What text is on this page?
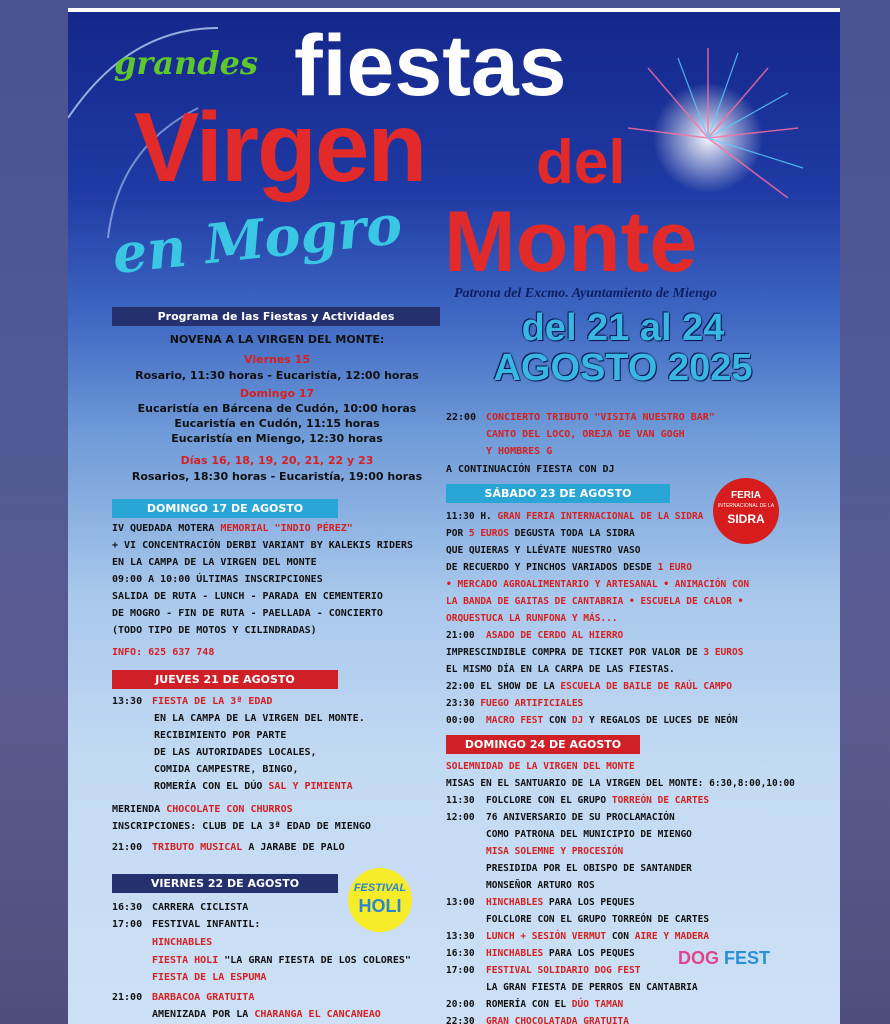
grandes fiestas
Virgen del
en Mogro Monte
Patrona del Excmo. Ayuntamiento de Miengo
del 21 al 24
AGOSTO 2025
Programa de las Fiestas y Actividades
NOVENA A LA VIRGEN DEL MONTE:
Viernes 15
Rosario, 11:30 horas - Eucaristía, 12:00 horas
Domingo 17
Eucaristía en Bárcena de Cudón, 10:00 horas
Eucaristía en Cudón, 11:15 horas
Eucaristía en Miengo, 12:30 horas
Días 16, 18, 19, 20, 21, 22 y 23
Rosarios, 18:30 horas - Eucaristía, 19:00 horas
DOMINGO 17 DE AGOSTO
IV QUEDADA MOTERA MEMORIAL "INDIO PÉREZ"
+ VI CONCENTRACIÓN DERBI VARIANT BY KALEKIS RIDERS
EN LA CAMPA DE LA VIRGEN DEL MONTE
09:00 A 10:00 ÚLTIMAS INSCRIPCIONES
SALIDA DE RUTA - LUNCH - PARADA EN CEMENTERIO
DE MOGRO - FIN DE RUTA - PAELLADA - CONCIERTO
(TODO TIPO DE MOTOS Y CILINDRADAS)
INFO: 625 637 748
JUEVES 21 DE AGOSTO
13:30 FIESTA DE LA 3ª EDAD
EN LA CAMPA DE LA VIRGEN DEL MONTE.
RECIBIMIENTO POR PARTE
DE LAS AUTORIDADES LOCALES,
COMIDA CAMPESTRE, BINGO,
ROMERÍA CON EL DÚO SAL Y PIMIENTA
MERIENDA CHOCOLATE CON CHURROS
INSCRIPCIONES: CLUB DE LA 3ª EDAD DE MIENGO
21:00 TRIBUTO MUSICAL A JARABE DE PALO
VIERNES 22 DE AGOSTO	FESTIVAL
HOLI
16:30 CARRERA CICLISTA
17:00 FESTIVAL INFANTIL:
HINCHABLES
FIESTA HOLI "LA GRAN FIESTA DE LOS COLORES"
FIESTA DE LA ESPUMA
21:00 BARBACOA GRATUITA
AMENIZADA POR LA CHARANGA EL CANCANEAO
22:00 CONCIERTO TRIBUTO "VISITA NUESTRO BAR"
CANTO DEL LOCO, OREJA DE VAN GOGH
Y HOMBRES G
A CONTINUACIÓN FIESTA CON DJ
SÁBADO 23 DE AGOSTO	FERIA
INTERNACIONAL DE LA
SIDRA
11:30 H. GRAN FERIA INTERNACIONAL DE LA SIDRA
POR 5 EUROS DEGUSTA TODA LA SIDRA
QUE QUIERAS Y LLÉVATE NUESTRO VASO
DE RECUERDO Y PINCHOS VARIADOS DESDE 1 EURO
• MERCADO AGROALIMENTARIO Y ARTESANAL • ANIMACIÓN CON
LA BANDA DE GAITAS DE CANTABRIA • ESCUELA DE CALOR •
ORQUESTUCA LA RUNFONA Y MÁS...
21:00 ASADO DE CERDO AL HIERRO
IMPRESCINDIBLE COMPRA DE TICKET POR VALOR DE 3 EUROS
EL MISMO DÍA EN LA CARPA DE LAS FIESTAS.
22:00 EL SHOW DE LA ESCUELA DE BAILE DE RAÚL CAMPO
23:30 FUEGO ARTIFICIALES
00:00 MACRO FEST CON DJ Y REGALOS DE LUCES DE NEÓN
DOMINGO 24 DE AGOSTO
SOLEMNIDAD DE LA VIRGEN DEL MONTE
MISAS EN EL SANTUARIO DE LA VIRGEN DEL MONTE: 6:30,8:00,10:00
11:30 FOLCLORE CON EL GRUPO TORREÓN DE CARTES
12:00 76 ANIVERSARIO DE SU PROCLAMACIÓN
COMO PATRONA DEL MUNICIPIO DE MIENGO
MISA SOLEMNE Y PROCESIÓN
PRESIDIDA POR EL OBISPO DE SANTANDER
MONSEÑOR ARTURO ROS
13:00 HINCHABLES PARA LOS PEQUES
FOLCLORE CON EL GRUPO TORREÓN DE CARTES
13:30 LUNCH + SESIÓN VERMUT CON AIRE Y MADERA
16:30 HINCHABLES PARA LOS PEQUES
17:00 FESTIVAL SOLIDARIO DOG FEST
DOG FEST
LA GRAN FIESTA DE PERROS EN CANTABRIA
20:00 ROMERÍA CON EL DÚO TAMAN
22:30 GRAN CHOCOLATADA GRATUITA
